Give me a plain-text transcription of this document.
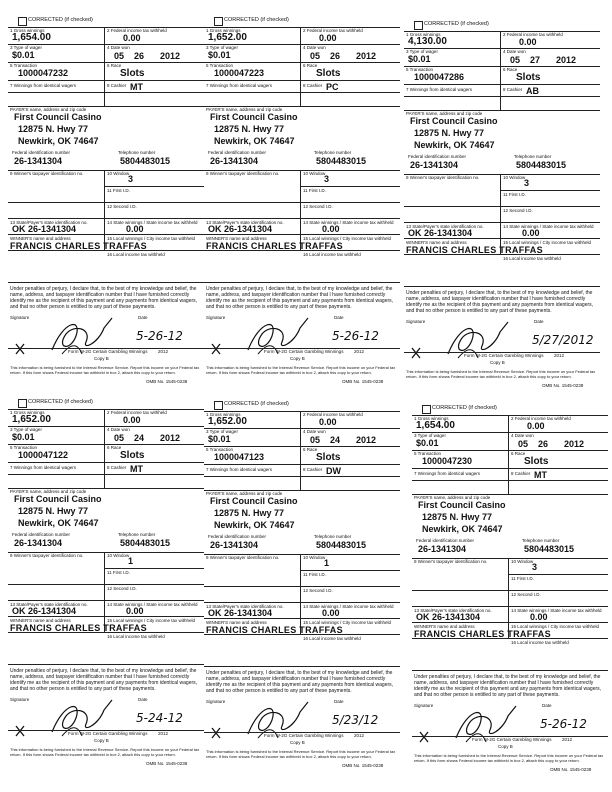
CORRECTED (if checked)
1 Gross winnings
1,654.00
2 Federal income tax withheld
0.00
3 Type of wager
$0.01
4 Date won
05 26 2012
5 Transaction
1000047232
6 Race
Slots
7 Winnings from identical wagers	8 Cashier MT
PAYER'S name, address and zip code
First Council Casino
12875 N. Hwy 77
Newkirk, OK 74647
Federal identification number
26-1341304
Telephone number
5804483015
9 Winner's taxpayer identification no.	10 Window
3
11 First I.D.
12 Second I.D.
13 State/Payer's state identification no.
OK 26-1341304
14 State winnings / State income tax withheld
0.00
WINNER'S name and address
FRANCIS CHARLES TRAFFAS
15 Local winnings / City income tax withheld
16 Local income tax withheld
Under penalties of perjury, I declare that, to the best of my knowledge and belief, the name, address, and taxpayer identification number that I have furnished correctly identify me as the recipient of this payment and any payments from identical wagers, and that no other person is entitled to any part of these payments.
Signature	Date
5-26-12
Form W-2G Certain Gambling Winnings 2012
Copy B
This information is being furnished to the Internal Revenue Service. Report this income on your Federal tax return. If this form shows Federal income tax withheld in box 2, attach this copy to your return.
OMB No. 1545-0238
CORRECTED (if checked)
1 Gross winnings
1,652.00
2 Federal income tax withheld
0.00
3 Type of wager
$0.01
4 Date won
05 26 2012
5 Transaction
1000047223
6 Race
Slots
7 Winnings from identical wagers	8 Cashier PC
PAYER'S name, address and zip code
First Council Casino
12875 N. Hwy 77
Newkirk, OK 74647
Federal identification number
26-1341304
Telephone number
5804483015
9 Winner's taxpayer identification no.	10 Window
3
11 First I.D.
12 Second I.D.
13 State/Payer's state identification no.
OK 26-1341304
14 State winnings / State income tax withheld
0.00
WINNER'S name and address
FRANCIS CHARLES TRAFFAS
15 Local winnings / City income tax withheld
16 Local income tax withheld
Under penalties of perjury, I declare that, to the best of my knowledge and belief, the name, address, and taxpayer identification number that I have furnished correctly identify me as the recipient of this payment and any payments from identical wagers, and that no other person is entitled to any part of these payments.
Signature	Date
5-26-12
Form W-2G Certain Gambling Winnings 2012
Copy B
This information is being furnished to the Internal Revenue Service. Report this income on your Federal tax return. If this form shows Federal income tax withheld in box 2, attach this copy to your return.
OMB No. 1545-0238
CORRECTED (if checked)
1 Gross winnings
4,130.00
2 Federal income tax withheld
0.00
3 Type of wager
$0.01
4 Date won
05 27 2012
5 Transaction
1000047286
6 Race
Slots
7 Winnings from identical wagers	8 Cashier AB
PAYER'S name, address and zip code
First Council Casino
12875 N. Hwy 77
Newkirk, OK 74647
Federal identification number
26-1341304
Telephone number
5804483015
9 Winner's taxpayer identification no.	10 Window
3
11 First I.D.
12 Second I.D.
13 State/Payer's state identification no.
OK 26-1341304
14 State winnings / State income tax withheld
0.00
WINNER'S name and address
FRANCIS CHARLES TRAFFAS
15 Local winnings / City income tax withheld
16 Local income tax withheld
Under penalties of perjury, I declare that, to the best of my knowledge and belief, the name, address, and taxpayer identification number that I have furnished correctly identify me as the recipient of this payment and any payments from identical wagers, and that no other person is entitled to any part of these payments.
Signature	Date
5/27/2012
Form W-2G Certain Gambling Winnings 2012
Copy B
This information is being furnished to the Internal Revenue Service. Report this income on your Federal tax return. If this form shows Federal income tax withheld in box 2, attach this copy to your return.
OMB No. 1545-0238
CORRECTED (if checked)
1 Gross winnings
1,652.00
2 Federal income tax withheld
0.00
3 Type of wager
$0.01
4 Date won
05 24 2012
5 Transaction
1000047122
6 Race
Slots
7 Winnings from identical wagers	8 Cashier MT
PAYER'S name, address and zip code
First Council Casino
12875 N. Hwy 77
Newkirk, OK 74647
Federal identification number
26-1341304
Telephone number
5804483015
9 Winner's taxpayer identification no.	10 Window
1
11 First I.D.
12 Second I.D.
13 State/Payer's state identification no.
OK 26-1341304
14 State winnings / State income tax withheld
0.00
WINNER'S name and address
FRANCIS CHARLES TRAFFAS
15 Local winnings / City income tax withheld
16 Local income tax withheld
Under penalties of perjury, I declare that, to the best of my knowledge and belief, the name, address, and taxpayer identification number that I have furnished correctly identify me as the recipient of this payment and any payments from identical wagers, and that no other person is entitled to any part of these payments.
Signature	Date
5-24-12
Form W-2G Certain Gambling Winnings 2012
Copy B
This information is being furnished to the Internal Revenue Service. Report this income on your Federal tax return. If this form shows Federal income tax withheld in box 2, attach this copy to your return.
OMB No. 1545-0238
CORRECTED (if checked)
1 Gross winnings
1,652.00
2 Federal income tax withheld
0.00
3 Type of wager
$0.01
4 Date won
05 24 2012
5 Transaction
1000047123
6 Race
Slots
7 Winnings from identical wagers	8 Cashier DW
PAYER'S name, address and zip code
First Council Casino
12875 N. Hwy 77
Newkirk, OK 74647
Federal identification number
26-1341304
Telephone number
5804483015
9 Winner's taxpayer identification no.	10 Window
1
11 First I.D.
12 Second I.D.
13 State/Payer's state identification no.
OK 26-1341304
14 State winnings / State income tax withheld
0.00
WINNER'S name and address
FRANCIS CHARLES TRAFFAS
15 Local winnings / City income tax withheld
16 Local income tax withheld
Under penalties of perjury, I declare that, to the best of my knowledge and belief, the name, address, and taxpayer identification number that I have furnished correctly identify me as the recipient of this payment and any payments from identical wagers, and that no other person is entitled to any part of these payments.
Signature	Date
5/23/12
Form W-2G Certain Gambling Winnings 2012
Copy B
This information is being furnished to the Internal Revenue Service. Report this income on your Federal tax return. If this form shows Federal income tax withheld in box 2, attach this copy to your return.
OMB No. 1545-0238
CORRECTED (if checked)
1 Gross winnings
1,654.00
2 Federal income tax withheld
0.00
3 Type of wager
$0.01
4 Date won
05 26 2012
5 Transaction
1000047230
6 Race
Slots
7 Winnings from identical wagers	8 Cashier MT
PAYER'S name, address and zip code
First Council Casino
12875 N. Hwy 77
Newkirk, OK 74647
Federal identification number
26-1341304
Telephone number
5804483015
9 Winner's taxpayer identification no.	10 Window
3
11 First I.D.
12 Second I.D.
13 State/Payer's state identification no.
OK 26-1341304
14 State winnings / State income tax withheld
0.00
WINNER'S name and address
FRANCIS CHARLES TRAFFAS
15 Local winnings / City income tax withheld
16 Local income tax withheld
Under penalties of perjury, I declare that, to the best of my knowledge and belief, the name, address, and taxpayer identification number that I have furnished correctly identify me as the recipient of this payment and any payments from identical wagers, and that no other person is entitled to any part of these payments.
Signature	Date
5-26-12
Form W-2G Certain Gambling Winnings 2012
Copy B
This information is being furnished to the Internal Revenue Service. Report this income on your Federal tax return. If this form shows Federal income tax withheld in box 2, attach this copy to your return.
OMB No. 1545-0238
